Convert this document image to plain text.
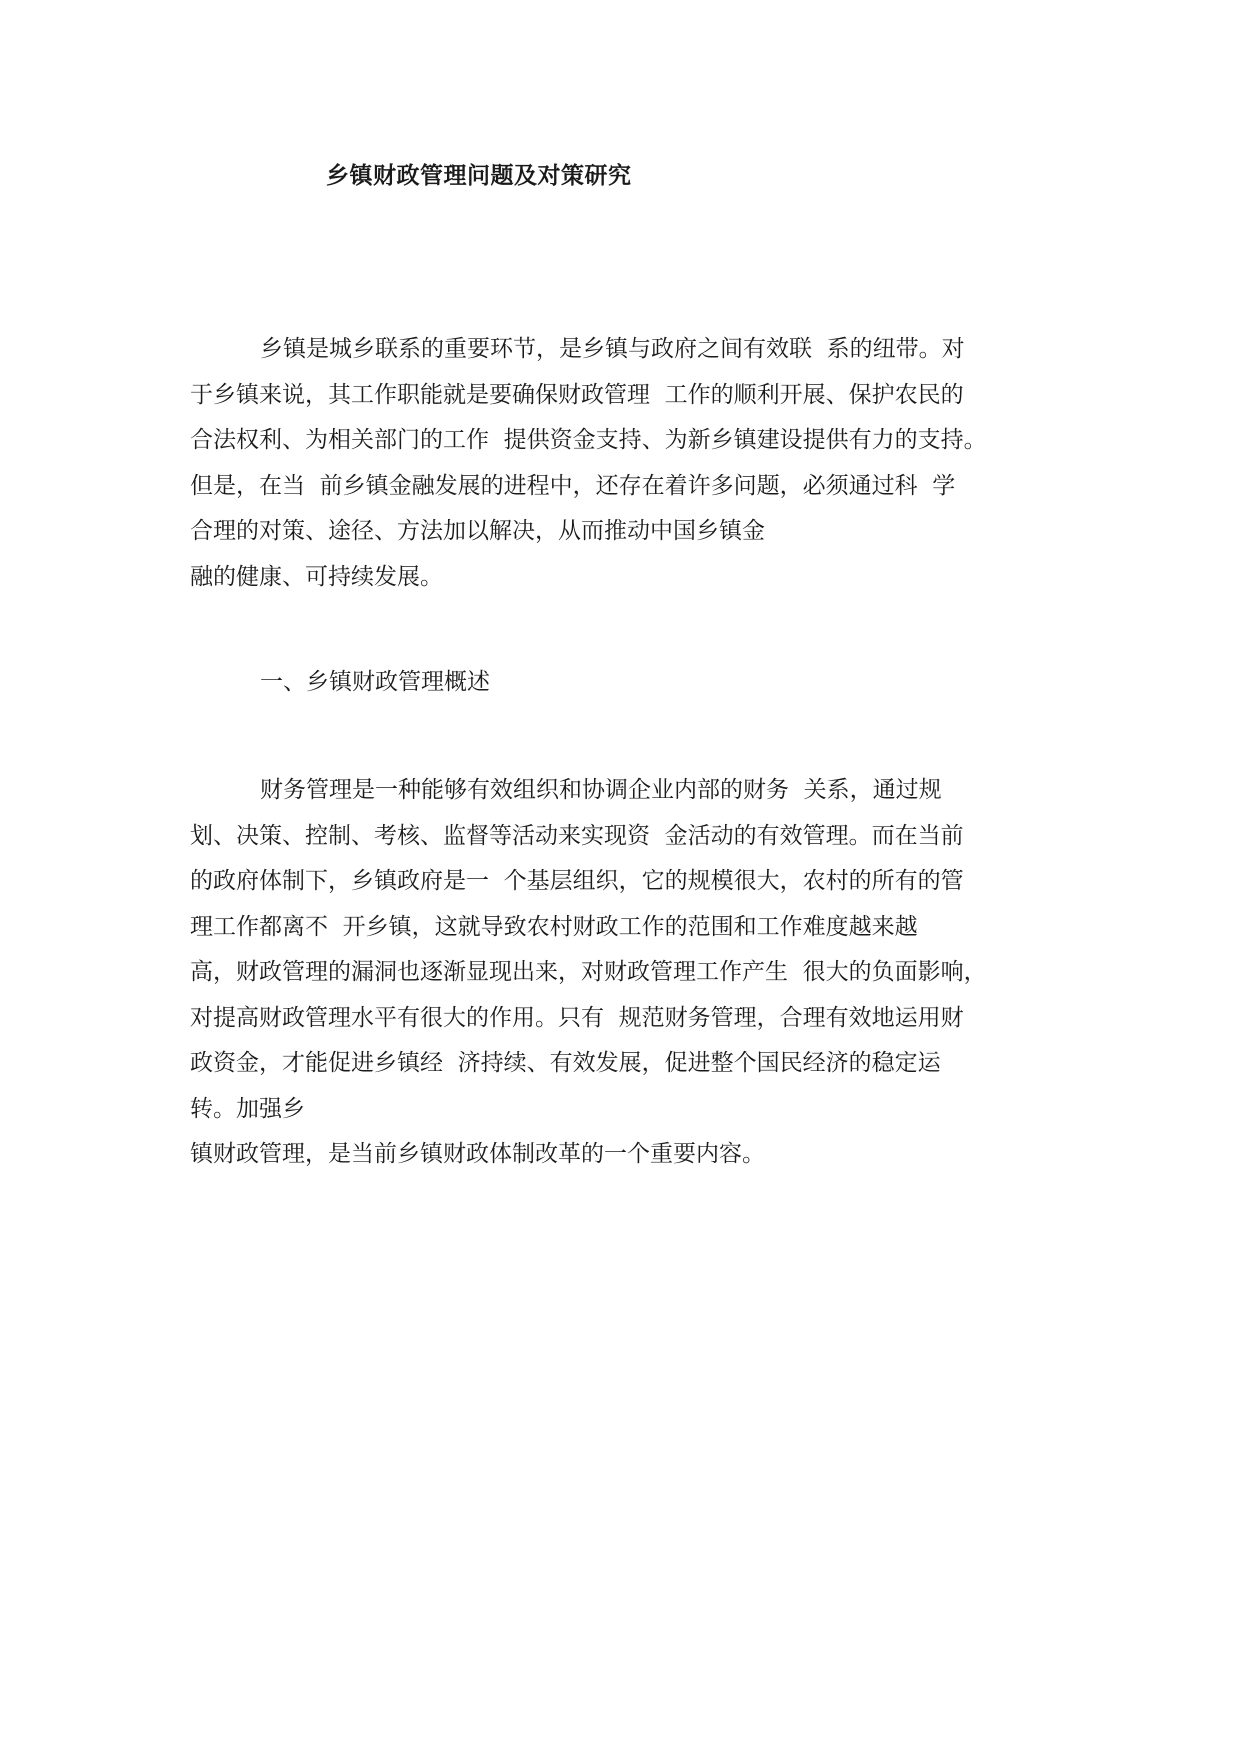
乡镇财政管理问题及对策研究
乡镇是城乡联系的重要环节，是乡镇与政府之间有效联  系的纽带。对
于乡镇来说，其工作职能就是要确保财政管理  工作的顺利开展、保护农民的
合法权利、为相关部门的工作  提供资金支持、为新乡镇建设提供有力的支持。
但是，在当  前乡镇金融发展的进程中，还存在着许多问题，必须通过科  学
合理的对策、途径、方法加以解决，从而推动中国乡镇金
融的健康、可持续发展。
一、乡镇财政管理概述
财务管理是一种能够有效组织和协调企业内部的财务  关系，通过规
划、决策、控制、考核、监督等活动来实现资  金活动的有效管理。而在当前
的政府体制下，乡镇政府是一  个基层组织，它的规模很大，农村的所有的管
理工作都离不  开乡镇，这就导致农村财政工作的范围和工作难度越来越
高，财政管理的漏洞也逐渐显现出来，对财政管理工作产生  很大的负面影响，
对提高财政管理水平有很大的作用。只有  规范财务管理，合理有效地运用财
政资金，才能促进乡镇经  济持续、有效发展，促进整个国民经济的稳定运
转。加强乡
镇财政管理，是当前乡镇财政体制改革的一个重要内容。
